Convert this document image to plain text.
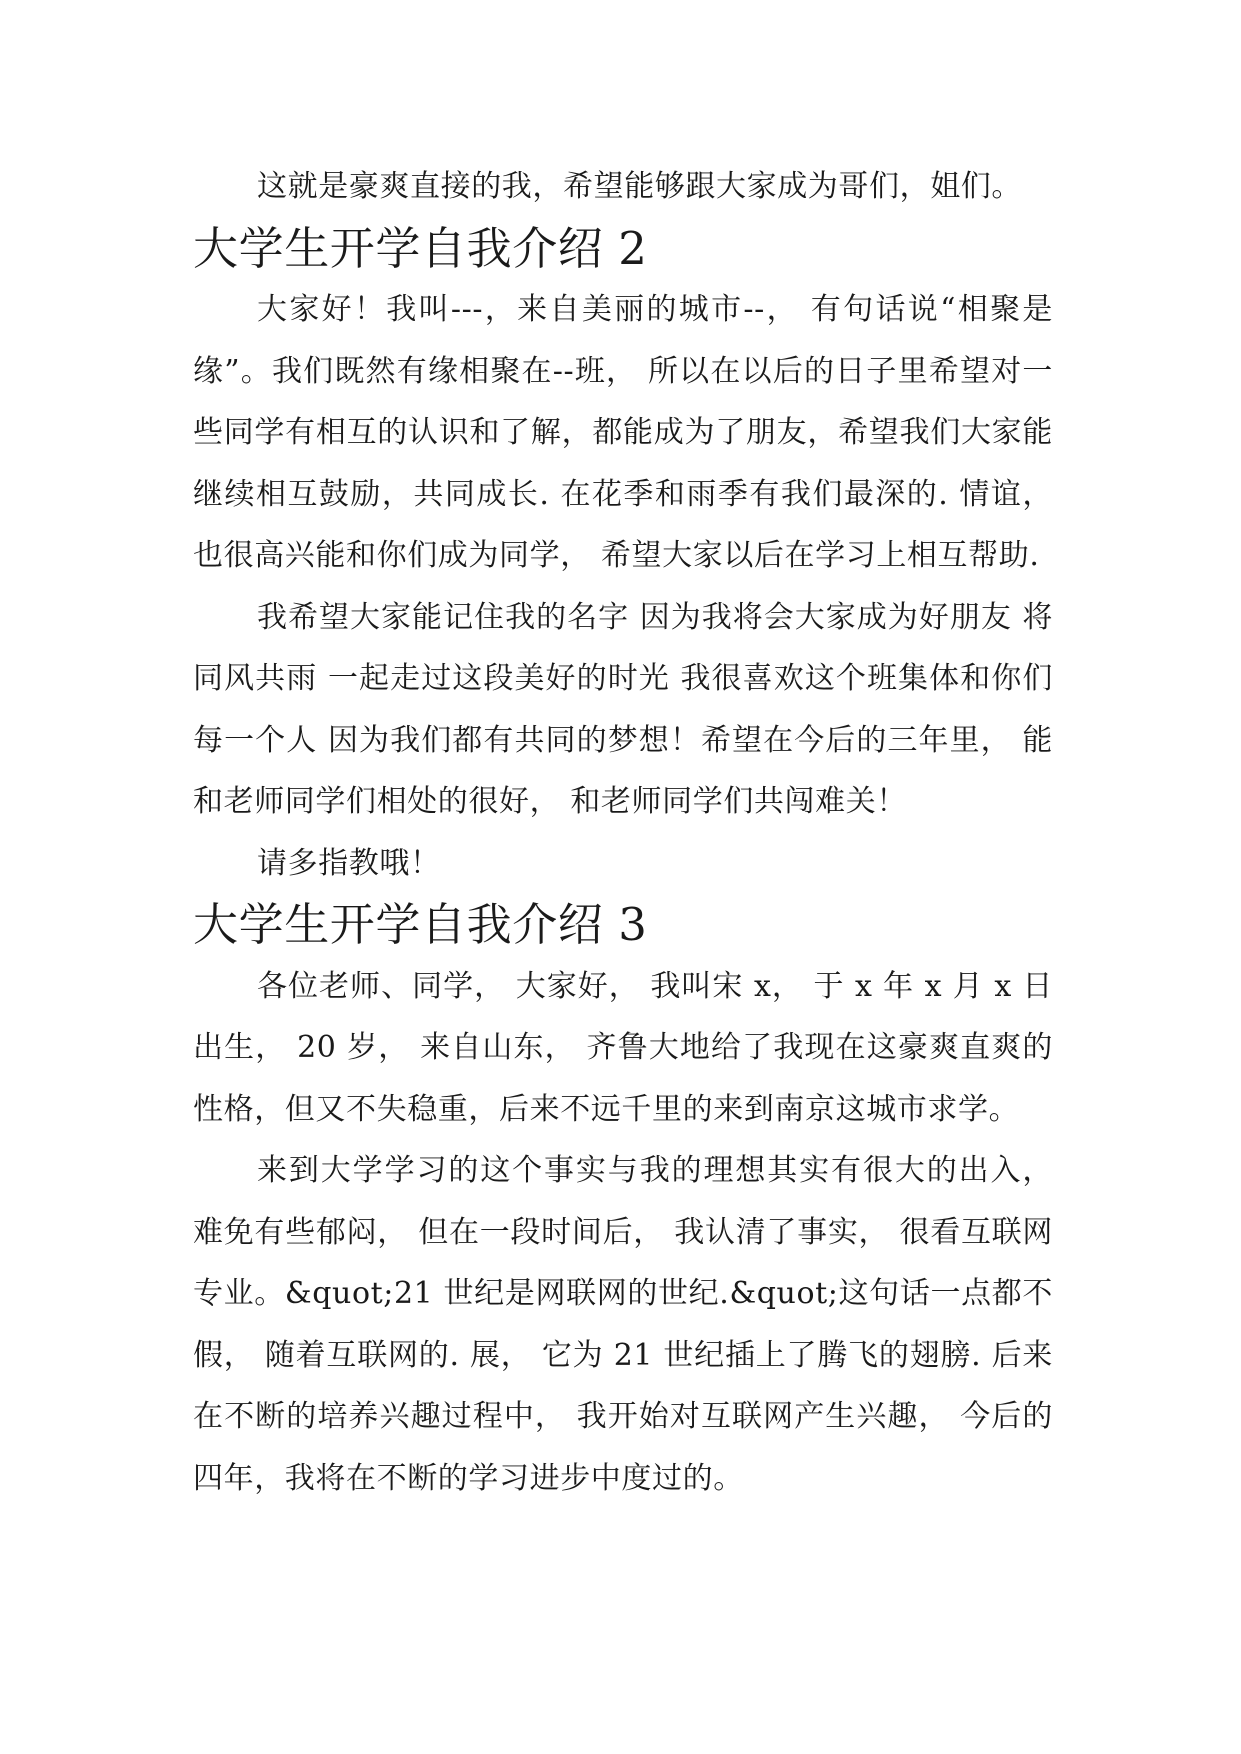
这就是豪爽直接的我，希望能够跟大家成为哥们，姐们。

大学生开学自我介绍 2

大家好！我叫---，来自美丽的城市--， 有句话说“相聚是缘”。我们既然有缘相聚在--班， 所以在以后的日子里希望对一些同学有相互的认识和了解，都能成为了朋友，希望我们大家能继续相互鼓励，共同成长. 在花季和雨季有我们最深的. 情谊，也很高兴能和你们成为同学， 希望大家以后在学习上相互帮助.

我希望大家能记住我的名字 因为我将会大家成为好朋友 将同风共雨 一起走过这段美好的时光 我很喜欢这个班集体和你们每一个人 因为我们都有共同的梦想！希望在今后的三年里， 能和老师同学们相处的很好， 和老师同学们共闯难关！

请多指教哦！

大学生开学自我介绍 3

各位老师、同学， 大家好， 我叫宋 x， 于 x 年 x 月 x 日出生， 20 岁， 来自山东， 齐鲁大地给了我现在这豪爽直爽的性格，但又不失稳重，后来不远千里的来到南京这城市求学。

来到大学学习的这个事实与我的理想其实有很大的出入， 难免有些郁闷， 但在一段时间后， 我认清了事实， 很看互联网专业。&quot;21 世纪是网联网的世纪.&quot;这句话一点都不假， 随着互联网的. 展， 它为 21 世纪插上了腾飞的翅膀. 后来在不断的培养兴趣过程中， 我开始对互联网产生兴趣， 今后的四年，我将在不断的学习进步中度过的。
